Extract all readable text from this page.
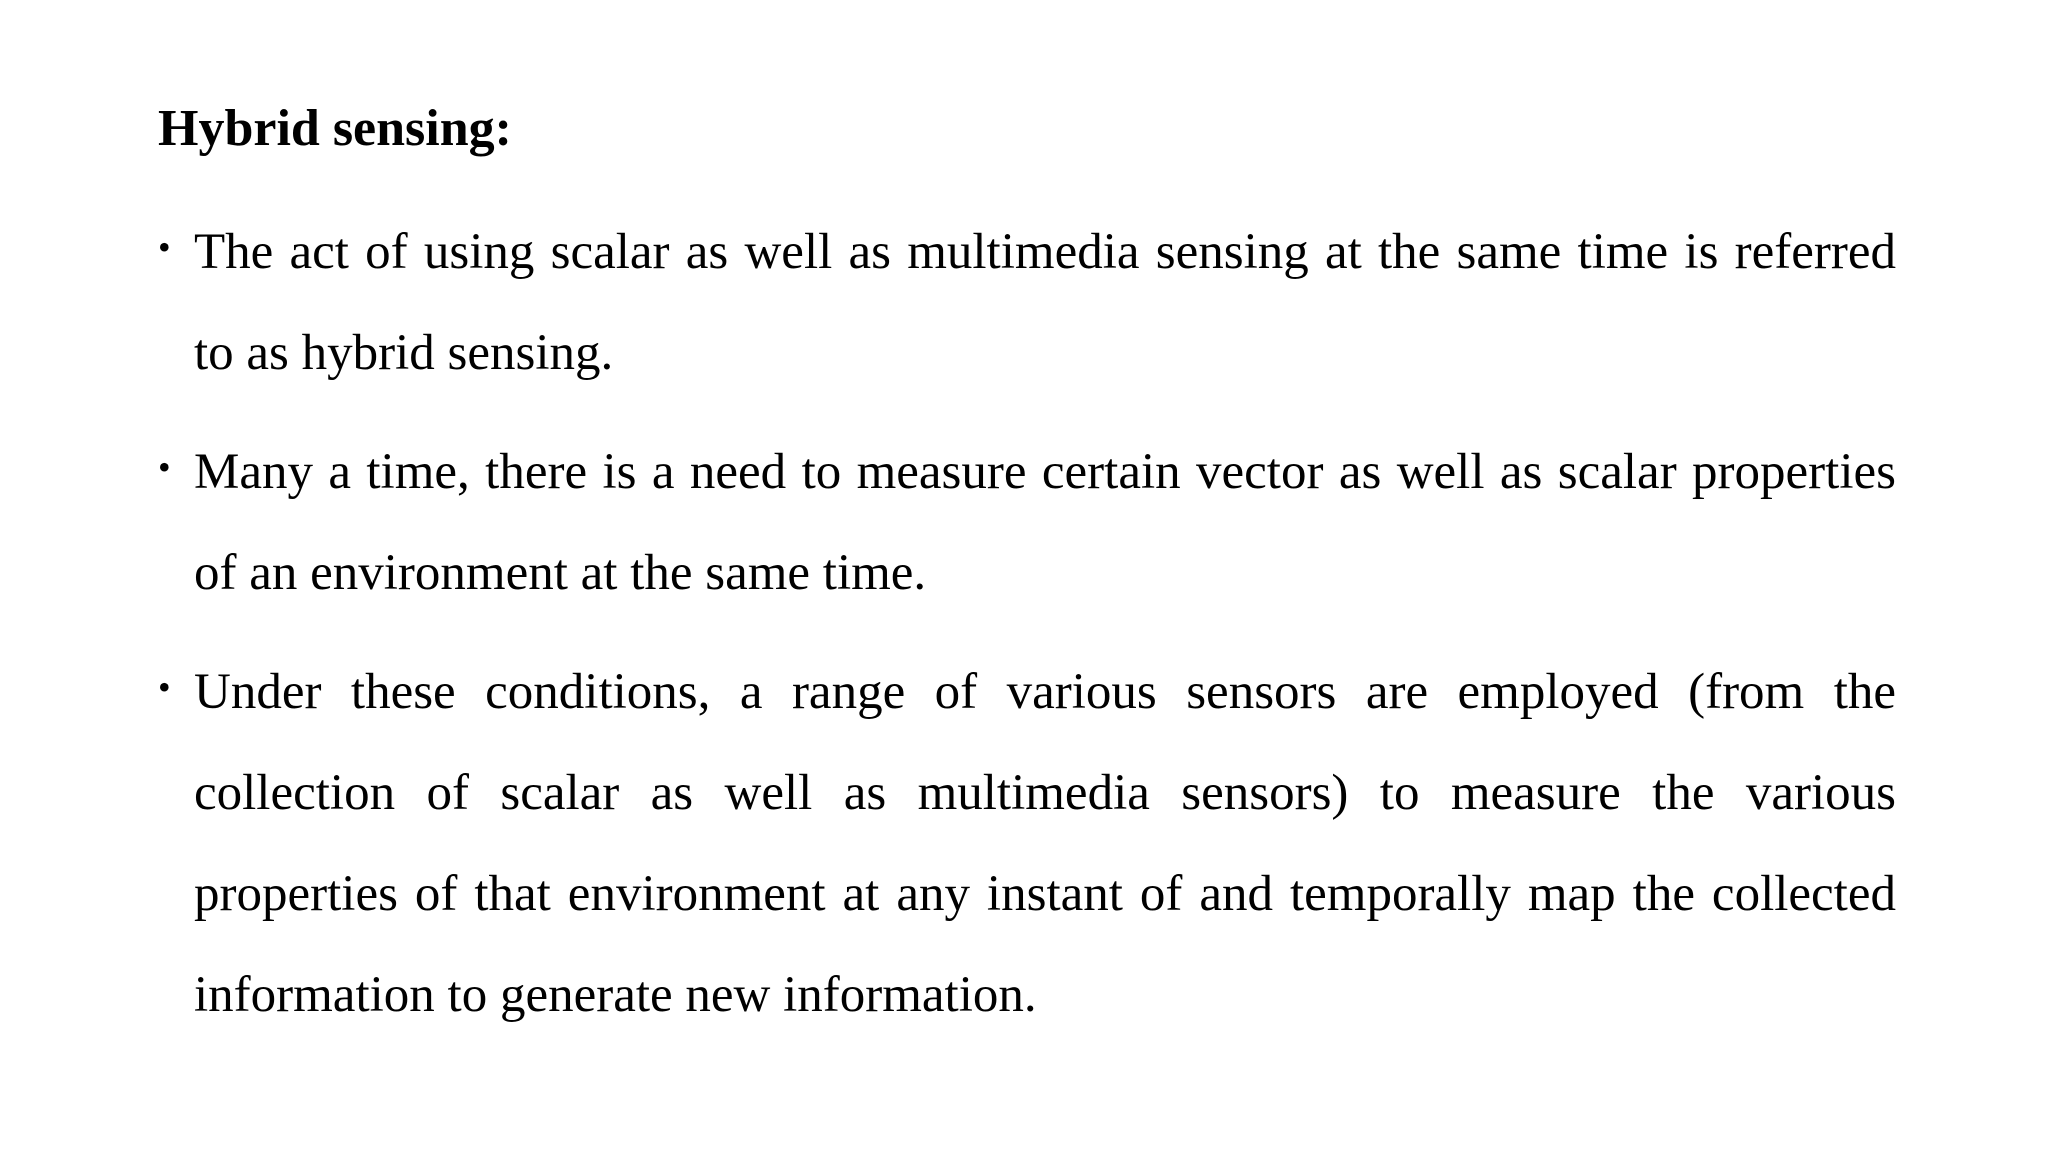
Hybrid sensing:
• The act of using scalar as well as multimedia sensing at the same time is referred to as hybrid sensing.
• Many a time, there is a need to measure certain vector as well as scalar properties of an environment at the same time.
• Under these conditions, a range of various sensors are employed (from the collection of scalar as well as multimedia sensors) to measure the various properties of that environment at any instant of and temporally map the collected information to generate new information.
